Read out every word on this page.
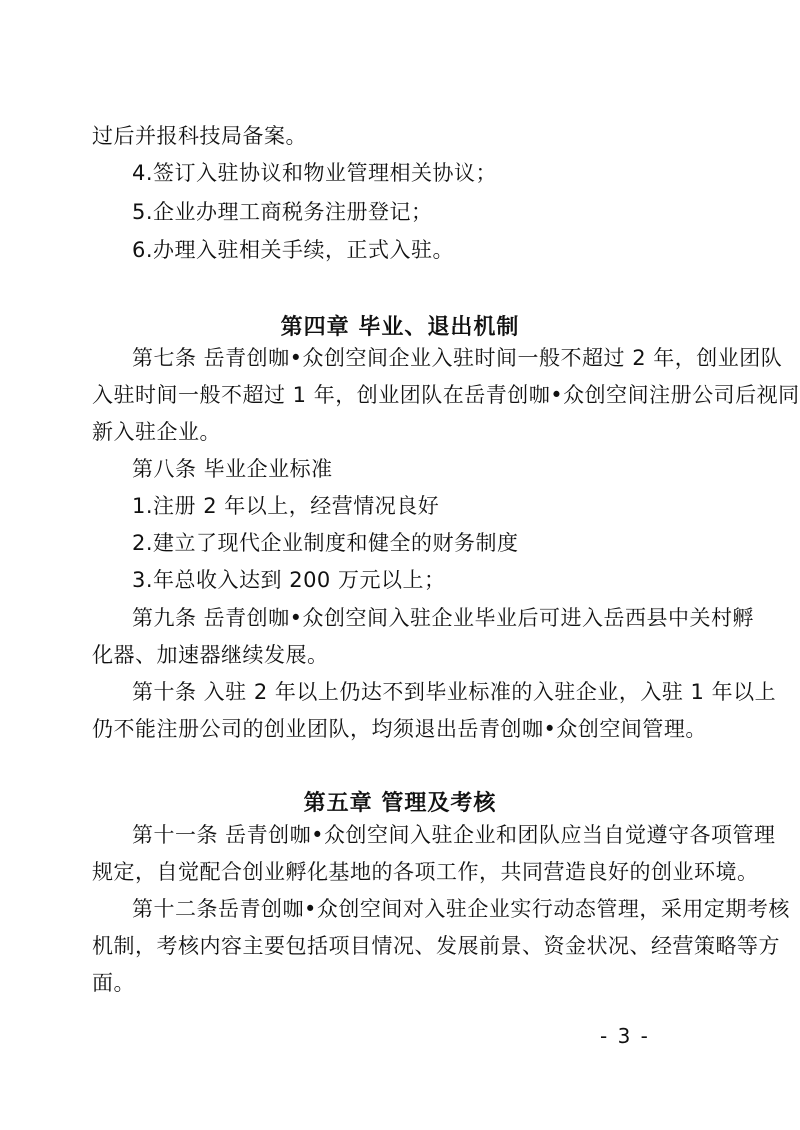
过后并报科技局备案。
4.签订入驻协议和物业管理相关协议；
5.企业办理工商税务注册登记；
6.办理入驻相关手续，正式入驻。
第四章 毕业、退出机制
第七条 岳青创咖•众创空间企业入驻时间一般不超过 2 年，创业团队
入驻时间一般不超过 1 年，创业团队在岳青创咖•众创空间注册公司后视同
新入驻企业。
第八条 毕业企业标准
1.注册 2 年以上，经营情况良好
2.建立了现代企业制度和健全的财务制度
3.年总收入达到 200 万元以上；
第九条 岳青创咖•众创空间入驻企业毕业后可进入岳西县中关村孵
化器、加速器继续发展。
第十条 入驻 2 年以上仍达不到毕业标准的入驻企业，入驻 1 年以上
仍不能注册公司的创业团队，均须退出岳青创咖•众创空间管理。
第五章 管理及考核
第十一条 岳青创咖•众创空间入驻企业和团队应当自觉遵守各项管理
规定，自觉配合创业孵化基地的各项工作，共同营造良好的创业环境。
第十二条岳青创咖•众创空间对入驻企业实行动态管理，采用定期考核
机制，考核内容主要包括项目情况、发展前景、资金状况、经营策略等方
面。
- 3 -
